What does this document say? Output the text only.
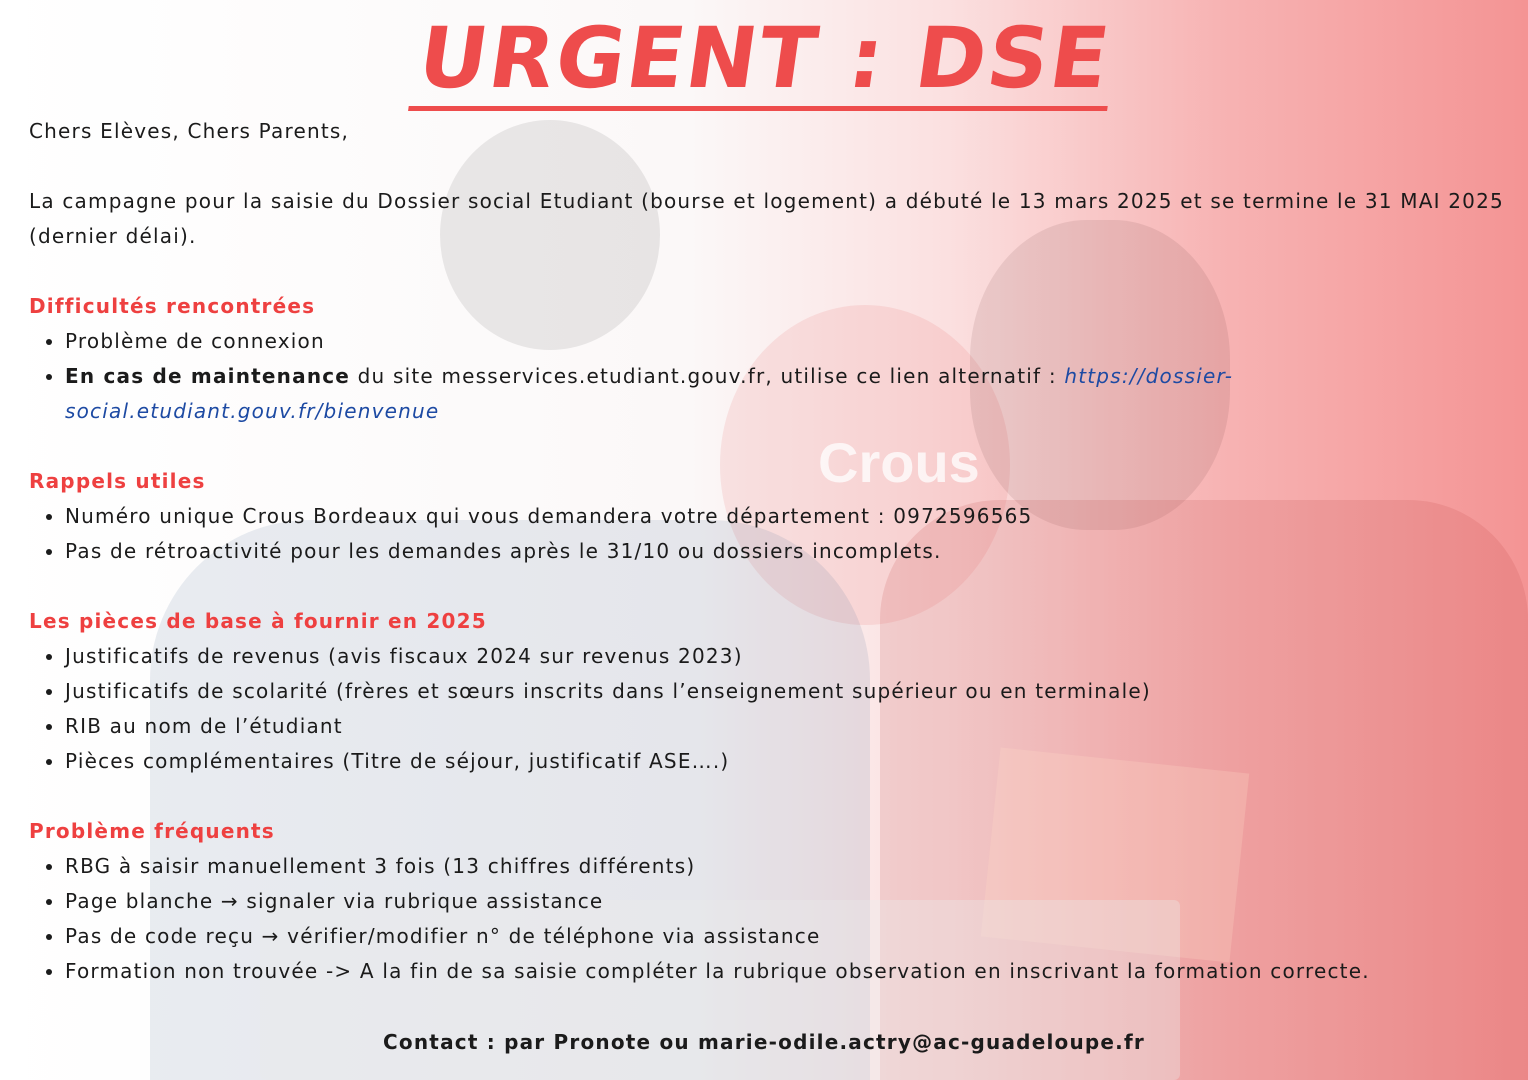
Crous
URGENT : DSE

Chers Elèves, Chers Parents,

La campagne pour la saisie du Dossier social Etudiant (bourse et logement) a débuté le 13 mars 2025 et se termine le 31 MAI 2025 (dernier délai).

Difficultés rencontrées
• Problème de connexion
• En cas de maintenance du site messervices.etudiant.gouv.fr, utilise ce lien alternatif : https://dossier-social.etudiant.gouv.fr/bienvenue
Rappels utiles
• Numéro unique Crous Bordeaux qui vous demandera votre département : 0972596565
• Pas de rétroactivité pour les demandes après le 31/10 ou dossiers incomplets.
Les pièces de base à fournir en 2025
• Justificatifs de revenus (avis fiscaux 2024 sur revenus 2023)
• Justificatifs de scolarité (frères et sœurs inscrits dans l’enseignement supérieur ou en terminale)
• RIB au nom de l’étudiant
• Pièces complémentaires (Titre de séjour, justificatif ASE….)
Problème fréquents
• RBG à saisir manuellement 3 fois (13 chiffres différents)
• Page blanche → signaler via rubrique assistance
• Pas de code reçu → vérifier/modifier n° de téléphone via assistance
• Formation non trouvée -> A la fin de sa saisie compléter la rubrique observation en inscrivant la formation correcte.
Contact : par Pronote ou marie-odile.actry@ac-guadeloupe.fr
